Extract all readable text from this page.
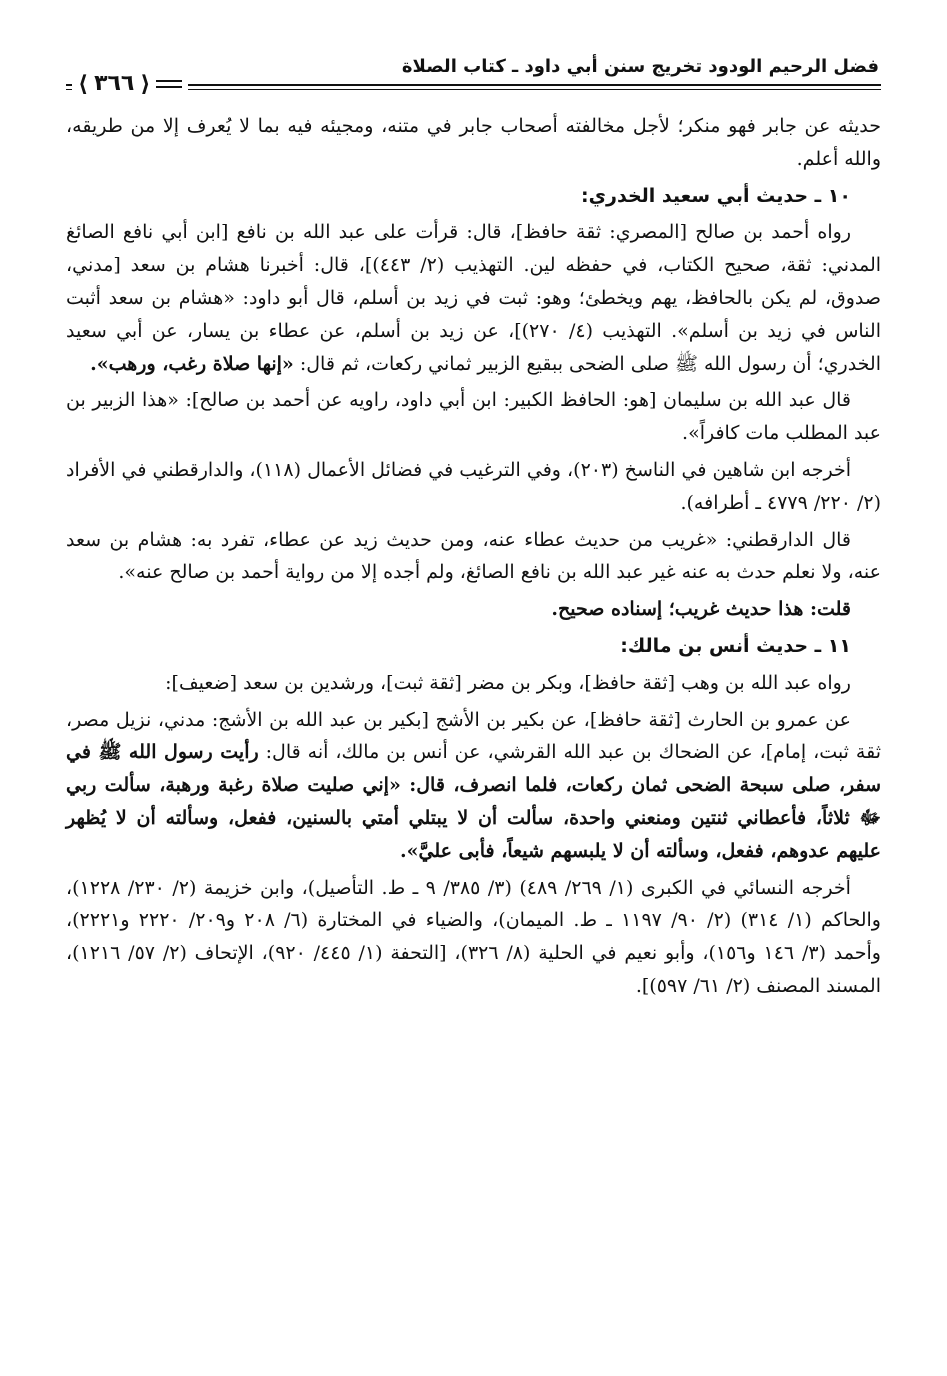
فضل الرحيم الودود تخريج سنن أبي داود ـ كتاب الصلاة
⟨
٣٦٦
⟩

حديثه عن جابر فهو منكر؛ لأجل مخالفته أصحاب جابر في متنه، ومجيئه فيه بما لا يُعرف إلا من طريقه، والله أعلم.

١٠ ـ حديث أبي سعيد الخدري:

رواه أحمد بن صالح [المصري: ثقة حافظ]، قال: قرأت على عبد الله بن نافع [ابن أبي نافع الصائغ المدني: ثقة، صحيح الكتاب، في حفظه لين. التهذيب (٢/ ٤٤٣)]، قال: أخبرنا هشام بن سعد [مدني، صدوق، لم يكن بالحافظ، يهم ويخطئ؛ وهو: ثبت في زيد بن أسلم، قال أبو داود: «هشام بن سعد أثبت الناس في زيد بن أسلم». التهذيب (٤/ ٢٧٠)]، عن زيد بن أسلم، عن عطاء بن يسار، عن أبي سعيد الخدري؛ أن رسول الله ﷺ صلى الضحى ببقيع الزبير ثماني ركعات، ثم قال: «إنها صلاة رغب، ورهب».

قال عبد الله بن سليمان [هو: الحافظ الكبير: ابن أبي داود، راويه عن أحمد بن صالح]: «هذا الزبير بن عبد المطلب مات كافراً».

أخرجه ابن شاهين في الناسخ (٢٠٣)، وفي الترغيب في فضائل الأعمال (١١٨)، والدارقطني في الأفراد (٢/ ٢٢٠/ ٤٧٧٩ ـ أطرافه).

قال الدارقطني: «غريب من حديث عطاء عنه، ومن حديث زيد عن عطاء، تفرد به: هشام بن سعد عنه، ولا نعلم حدث به عنه غير عبد الله بن نافع الصائغ، ولم أجده إلا من رواية أحمد بن صالح عنه».

قلت: هذا حديث غريب؛ إسناده صحيح.

١١ ـ حديث أنس بن مالك:

رواه عبد الله بن وهب [ثقة حافظ]، وبكر بن مضر [ثقة ثبت]، ورشدين بن سعد [ضعيف]:

عن عمرو بن الحارث [ثقة حافظ]، عن بكير بن الأشج [بكير بن عبد الله بن الأشج: مدني، نزيل مصر، ثقة ثبت، إمام]، عن الضحاك بن عبد الله القرشي، عن أنس بن مالك، أنه قال: رأيت رسول الله ﷺ في سفر، صلى سبحة الضحى ثمان ركعات، فلما انصرف، قال: «إني صليت صلاة رغبة ورهبة، سألت ربي ﷻ ثلاثاً، فأعطاني ثنتين ومنعني واحدة، سألت أن لا يبتلي أمتي بالسنين، ففعل، وسألته أن لا يُظهر عليهم عدوهم، ففعل، وسألته أن لا يلبسهم شيعاً، فأبى عليَّ».

أخرجه النسائي في الكبرى (١/ ٢٦٩/ ٤٨٩) (٣/ ٣٨٥/ ٩ ـ ط. التأصيل)، وابن خزيمة (٢/ ٢٣٠/ ١٢٢٨)، والحاكم (١/ ٣١٤) (٢/ ٩٠/ ١١٩٧ ـ ط. الميمان)، والضياء في المختارة (٦/ ٢٠٨ و٢٠٩/ ٢٢٢٠ و٢٢٢١)، وأحمد (٣/ ١٤٦ و١٥٦)، وأبو نعيم في الحلية (٨/ ٣٢٦)، [التحفة (١/ ٤٤٥/ ٩٢٠)، الإتحاف (٢/ ٥٧/ ١٢١٦)، المسند المصنف (٢/ ٦١/ ٥٩٧)].
